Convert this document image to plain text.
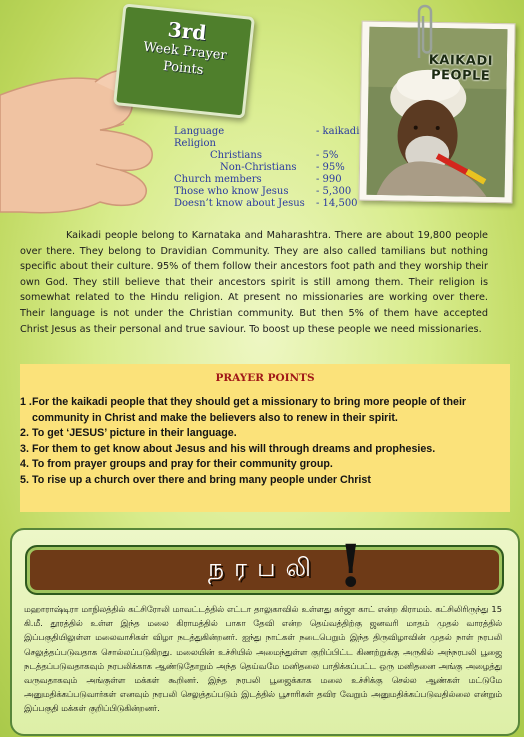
3rd
Week Prayer
Points	KAIKADI
PEOPLE
Language	- kaikadi
Religion
Christians	- 5%
Non-Christians - 95%
Church members	- 990
Those who know Jesus	- 5,300
Doesn’t know about Jesus - 14,500
Kaikadi people belong to Karnataka and Maharashtra. There are about 19,800 people over there. They belong to Dravidian Community. They are also called tamilians but nothing specific about their culture. 95% of them follow their ancestors foot path and they worship their own God. They still believe that their ancestors spirit is still among them. Their religion is somewhat related to the Hindu religion. At present no missionaries are working over there. Their language is not under the Christian community. But then 5% of them have accepted Christ Jesus as their personal and true saviour. To boost up these people we need missionaries.
PRAYER POINTS
1 . For the kaikadi people that they should get a missionary to bring more people of their community in Christ and make the believers also to renew in their spirit.
2. To get ‘JESUS’ picture in their language.
3. For them to get know about Jesus and his will through dreams and prophesies.
4. To from prayer groups and pray for their community group.
5. To rise up a church over there and bring many people under Christ
நரபலி !
மஹாராஷ்டிரா மாநிலத்தில் கட்சிரோலி மாவட்டத்தில் எட்டா தாலுகாவில் உள்ளது சுர்ஜா காட் என்ற கிராமம். கட்சிலிரிருந்து 15 கி.மீ. தூரத்தில் உள்ள இந்த மலை கிராமத்தில் பாகா தேவி என்ற தெய்வத்திற்கு ஜனவரி மாதம் முதல் வாரத்தில் இப்பகுதியிலுள்ள மலைவாசிகள் விழா நடத்துகின்றனர். ஐந்து நாட்கள் நடைபெறும் இந்த திருவிழாவின் முதல் நாள் நரபலி செலுத்தப்படுவதாக சொல்லப்படுகிறது. மலையின் உச்சியில் அமைந்துள்ள குறிப்பிட்ட கிணற்றுக்கு அருகில் அந்நரபலி பூஜை நடத்தப்படுவதாகவும் நரபலிக்காக ஆண்டுதோறும் அந்த தெய்வமே மனிதலை பாதிக்கப்பட்ட ஒரு மனிதனை அங்கு அழைத்து வருவதாகவும் அங்குள்ள மக்கள் கூறினர். இந்த நரபலி பூஜைக்காக மலை உச்சிக்கு செல்ல ஆண்கள் மட்டுமே அனுமதிக்கப்படுவார்கள் எனவும் நரபலி செலுத்தப்படும் இடத்தில் பூசாரிகள் தவிர வேறும் அனுமதிக்கப்படுவதில்லை என்றும் இப்பகுதி மக்கள் குறிப்பிடுகின்றனர்.
